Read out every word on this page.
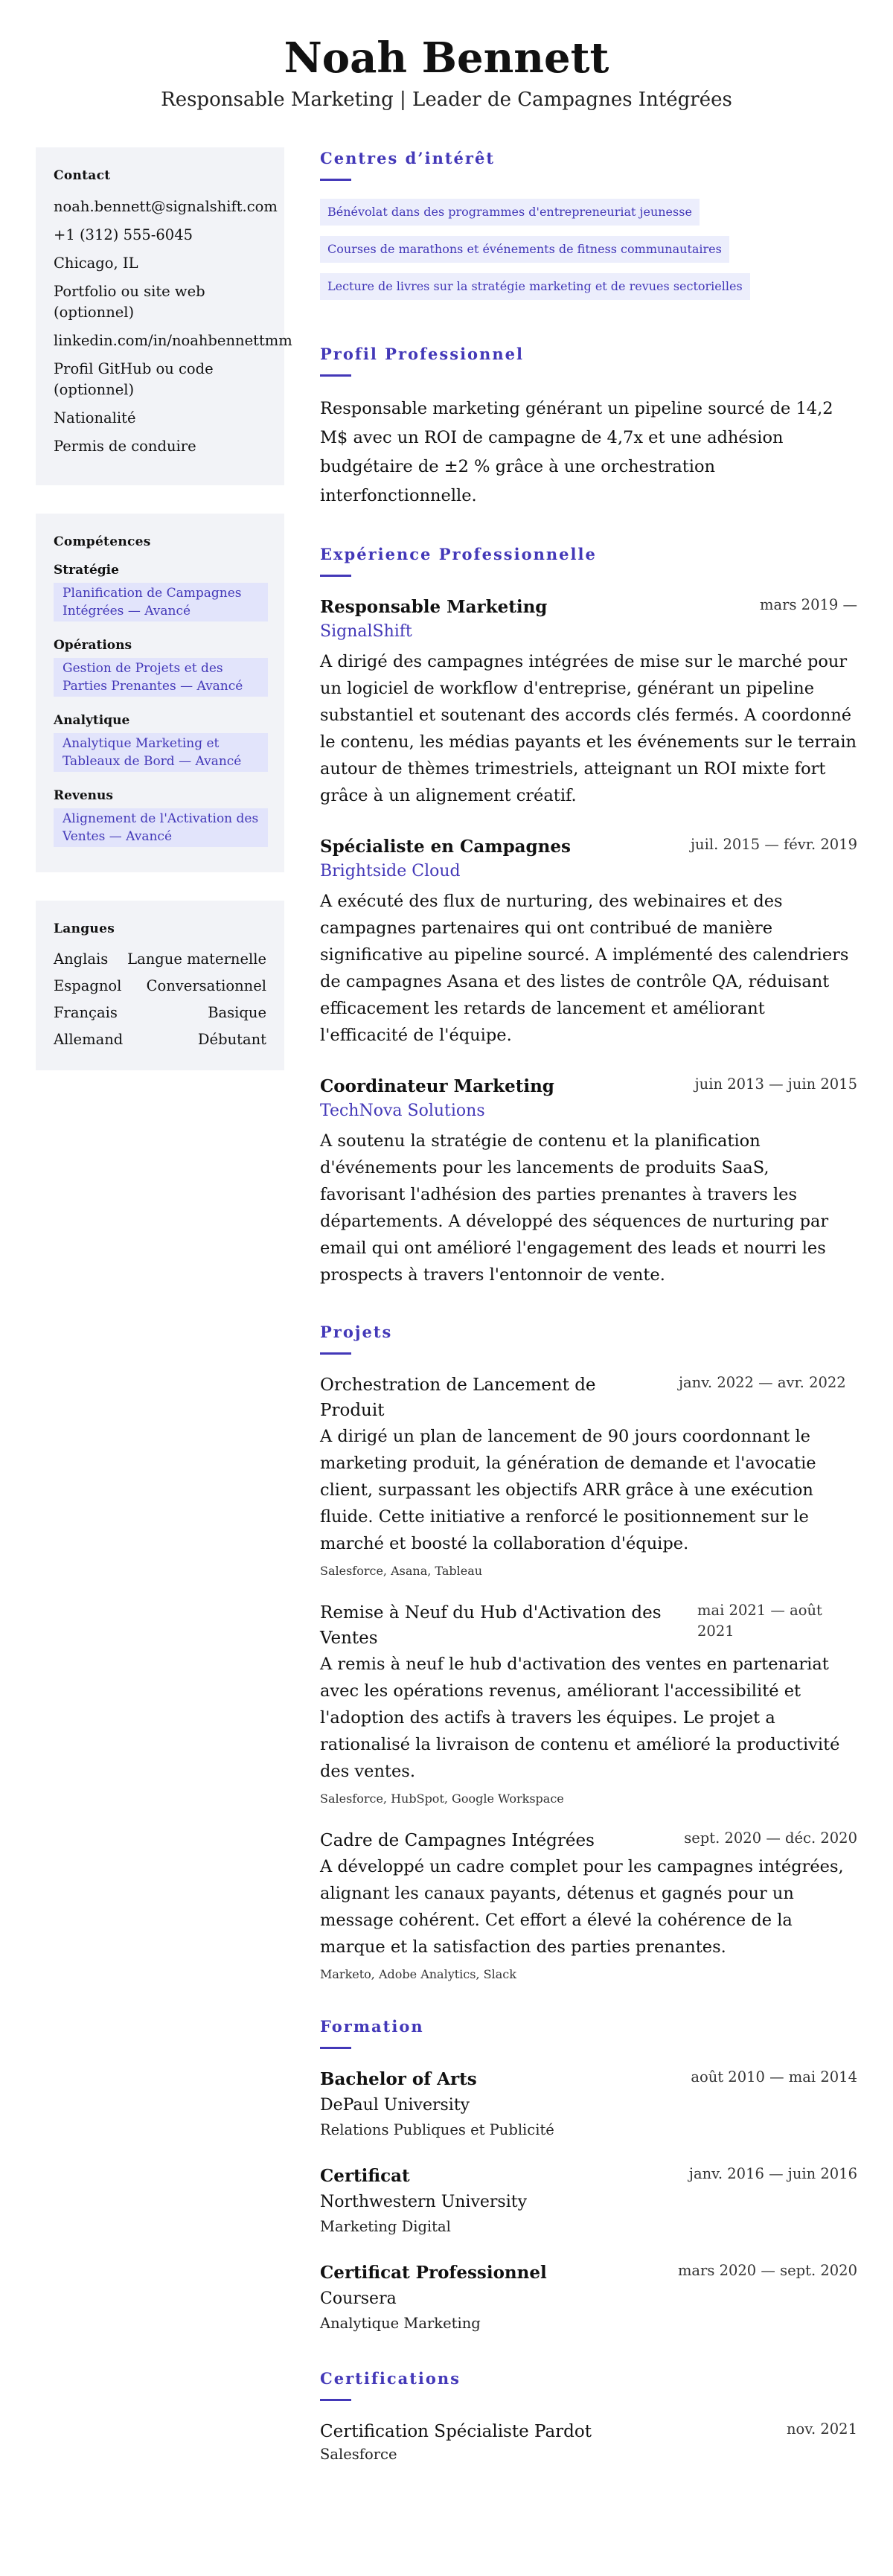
Noah Bennett
Responsable Marketing | Leader de Campagnes Intégrées
Contact
noah.bennett@signalshift.com
+1 (312) 555-6045
Chicago, IL
Portfolio ou site web (optionnel)
linkedin.com/in/noahbennettmm
Profil GitHub ou code (optionnel)
Nationalité
Permis de conduire
Compétences
Stratégie
Planification de Campagnes Intégrées — Avancé
Opérations
Gestion de Projets et des Parties Prenantes — Avancé
Analytique
Analytique Marketing et Tableaux de Bord — Avancé
Revenus
Alignement de l'Activation des Ventes — Avancé
Langues
Anglais Langue maternelle
Espagnol Conversationnel
Français	Basique
Allemand	Débutant
Centres d’intérêt
Bénévolat dans des programmes d'entrepreneuriat jeunesse
Courses de marathons et événements de fitness communautaires
Lecture de livres sur la stratégie marketing et de revues sectorielles
Profil Professionnel

Responsable marketing générant un pipeline sourcé de 14,2 M$ avec un ROI de campagne de 4,7x et une adhésion budgétaire de ±2 % grâce à une orchestration interfonctionnelle.

Expérience Professionnelle
Responsable Marketing	mars 2019 —
SignalShift

A dirigé des campagnes intégrées de mise sur le marché pour un logiciel de workflow d'entreprise, générant un pipeline substantiel et soutenant des accords clés fermés. A coordonné le contenu, les médias payants et les événements sur le terrain autour de thèmes trimestriels, atteignant un ROI mixte fort grâce à un alignement créatif.

Spécialiste en Campagnes	juil. 2015 — févr. 2019
Brightside Cloud

A exécuté des flux de nurturing, des webinaires et des campagnes partenaires qui ont contribué de manière significative au pipeline sourcé. A implémenté des calendriers de campagnes Asana et des listes de contrôle QA, réduisant efficacement les retards de lancement et améliorant l'efficacité de l'équipe.

Coordinateur Marketing	juin 2013 — juin 2015
TechNova Solutions

A soutenu la stratégie de contenu et la planification d'événements pour les lancements de produits SaaS, favorisant l'adhésion des parties prenantes à travers les départements. A développé des séquences de nurturing par email qui ont amélioré l'engagement des leads et nourri les prospects à travers l'entonnoir de vente.

Projets
Orchestration de Lancement de Produit
janv. 2022 — avr. 2022

A dirigé un plan de lancement de 90 jours coordonnant le marketing produit, la génération de demande et l'avocatie client, surpassant les objectifs ARR grâce à une exécution fluide. Cette initiative a renforcé le positionnement sur le marché et boosté la collaboration d'équipe.

Salesforce, Asana, Tableau
Remise à Neuf du Hub d'Activation des Ventes
mai 2021 — août 2021

A remis à neuf le hub d'activation des ventes en partenariat avec les opérations revenus, améliorant l'accessibilité et l'adoption des actifs à travers les équipes. Le projet a rationalisé la livraison de contenu et amélioré la productivité des ventes.

Salesforce, HubSpot, Google Workspace
Cadre de Campagnes Intégrées	sept. 2020 — déc. 2020

A développé un cadre complet pour les campagnes intégrées, alignant les canaux payants, détenus et gagnés pour un message cohérent. Cet effort a élevé la cohérence de la marque et la satisfaction des parties prenantes.

Marketo, Adobe Analytics, Slack
Formation
Bachelor of Arts	août 2010 — mai 2014
DePaul University
Relations Publiques et Publicité
Certificat	janv. 2016 — juin 2016
Northwestern University
Marketing Digital
Certificat Professionnel	mars 2020 — sept. 2020
Coursera
Analytique Marketing
Certifications
Certification Spécialiste Pardot	nov. 2021
Salesforce
